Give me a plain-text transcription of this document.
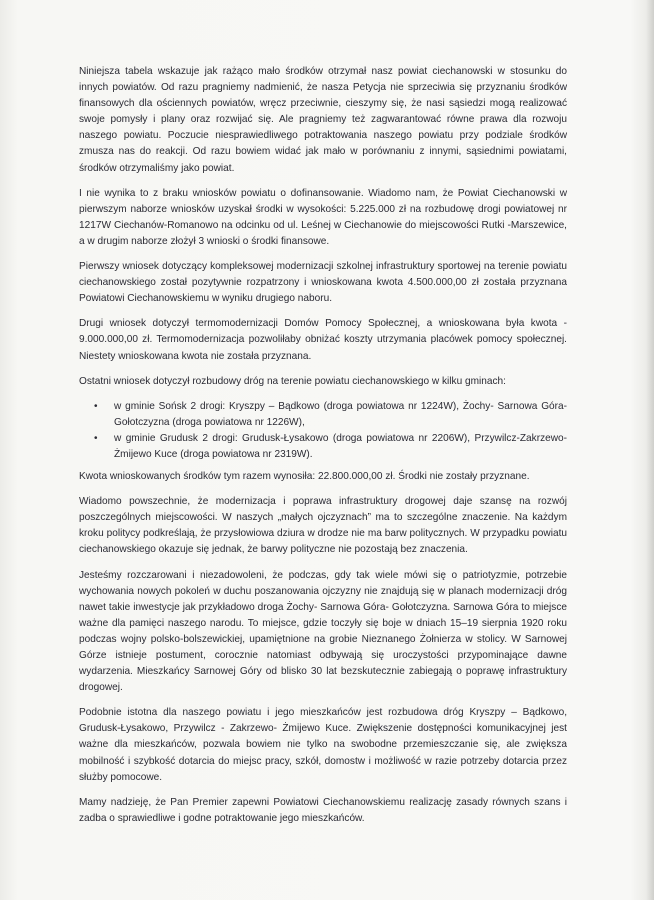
Niniejsza tabela wskazuje jak rażąco mało środków otrzymał nasz powiat ciechanowski w stosunku do innych powiatów. Od razu pragniemy nadmienić, że nasza Petycja nie sprzeciwia się przyznaniu środków finansowych dla ościennych powiatów, wręcz przeciwnie, cieszymy się, że nasi sąsiedzi mogą realizować swoje pomysły i plany oraz rozwijać się. Ale pragniemy też zagwarantować równe prawa dla rozwoju naszego powiatu. Poczucie niesprawiedliwego potraktowania naszego powiatu przy podziale środków zmusza nas do reakcji. Od razu bowiem widać jak mało w porównaniu z innymi, sąsiednimi powiatami, środków otrzymaliśmy jako powiat.

I nie wynika to z braku wniosków powiatu o dofinansowanie. Wiadomo nam, że Powiat Ciechanowski w pierwszym naborze wniosków uzyskał środki w wysokości: 5.225.000 zł na rozbudowę drogi powiatowej nr 1217W Ciechanów-Romanowo na odcinku od ul. Leśnej w Ciechanowie do miejscowości Rutki -Marszewice, a w drugim naborze złożył 3 wnioski o środki finansowe.

Pierwszy wniosek dotyczący kompleksowej modernizacji szkolnej infrastruktury sportowej na terenie powiatu ciechanowskiego został pozytywnie rozpatrzony i wnioskowana kwota 4.500.000,00 zł została przyznana Powiatowi Ciechanowskiemu w wyniku drugiego naboru.

Drugi wniosek dotyczył termomodernizacji Domów Pomocy Społecznej, a wnioskowana była kwota - 9.000.000,00 zł. Termomodernizacja pozwoliłaby obniżać koszty utrzymania placówek pomocy społecznej. Niestety wnioskowana kwota nie została przyznana.

Ostatni wniosek dotyczył rozbudowy dróg na terenie powiatu ciechanowskiego w kilku gminach:

• w gminie Sońsk 2 drogi: Kryszpy – Bądkowo (droga powiatowa nr 1224W), Żochy- Sarnowa Góra- Gołotczyzna (droga powiatowa nr 1226W),
• w gminie Grudusk 2 drogi: Grudusk-Łysakowo (droga powiatowa nr 2206W), Przywilcz-Zakrzewo- Żmijewo Kuce (droga powiatowa nr 2319W).

Kwota wnioskowanych środków tym razem wynosiła: 22.800.000,00 zł. Środki nie zostały przyznane.

Wiadomo powszechnie, że modernizacja i poprawa infrastruktury drogowej daje szansę na rozwój poszczególnych miejscowości. W naszych „małych ojczyznach” ma to szczególne znaczenie. Na każdym kroku politycy podkreślają, że przysłowiowa dziura w drodze nie ma barw politycznych. W przypadku powiatu ciechanowskiego okazuje się jednak, że barwy polityczne nie pozostają bez znaczenia.

Jesteśmy rozczarowani i niezadowoleni, że podczas, gdy tak wiele mówi się o patriotyzmie, potrzebie wychowania nowych pokoleń w duchu poszanowania ojczyzny nie znajdują się w planach modernizacji dróg nawet takie inwestycje jak przykładowo droga Żochy- Sarnowa Góra- Gołotczyzna. Sarnowa Góra to miejsce ważne dla pamięci naszego narodu. To miejsce, gdzie toczyły się boje w dniach 15–19 sierpnia 1920 roku podczas wojny polsko-bolszewickiej, upamiętnione na grobie Nieznanego Żołnierza w stolicy. W Sarnowej Górze istnieje postument, corocznie natomiast odbywają się uroczystości przypominające dawne wydarzenia. Mieszkańcy Sarnowej Góry od blisko 30 lat bezskutecznie zabiegają o poprawę infrastruktury drogowej.

Podobnie istotna dla naszego powiatu i jego mieszkańców jest rozbudowa dróg Kryszpy – Bądkowo, Grudusk-Łysakowo, Przywilcz - Zakrzewo- Żmijewo Kuce. Zwiększenie dostępności komunikacyjnej jest ważne dla mieszkańców, pozwala bowiem nie tylko na swobodne przemieszczanie się, ale zwiększa mobilność i szybkość dotarcia do miejsc pracy, szkół, domostw i możliwość w razie potrzeby dotarcia przez służby pomocowe.

Mamy nadzieję, że Pan Premier zapewni Powiatowi Ciechanowskiemu realizację zasady równych szans i zadba o sprawiedliwe i godne potraktowanie jego mieszkańców.
